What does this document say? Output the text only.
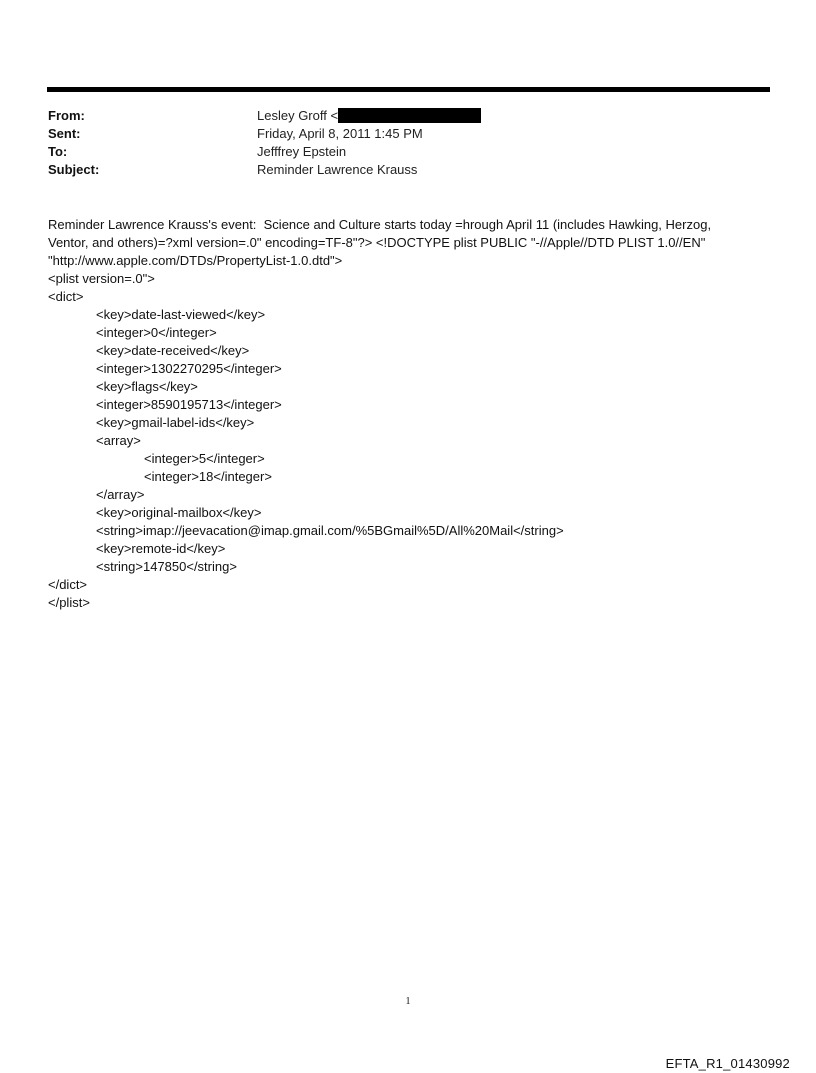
From:	Lesley Groff <
Sent:	Friday, April 8, 2011 1:45 PM
To:	Jefffrey Epstein
Subject:	Reminder Lawrence Krauss
Reminder Lawrence Krauss's event:  Science and Culture starts today =hrough April 11 (includes Hawking, Herzog,
Ventor, and others)=?xml version=.0" encoding=TF-8"?> <!DOCTYPE plist PUBLIC "-//Apple//DTD PLIST 1.0//EN"
"http://www.apple.com/DTDs/PropertyList-1.0.dtd">
<plist version=.0">
<dict>
<key>date-last-viewed</key>
<integer>0</integer>
<key>date-received</key>
<integer>1302270295</integer>
<key>flags</key>
<integer>8590195713</integer>
<key>gmail-label-ids</key>
<array>
<integer>5</integer>
<integer>18</integer>
</array>
<key>original-mailbox</key>
<string>imap://jeevacation@imap.gmail.com/%5BGmail%5D/All%20Mail</string>
<key>remote-id</key>
<string>147850</string>
</dict>
</plist>
1
EFTA_R1_01430992
